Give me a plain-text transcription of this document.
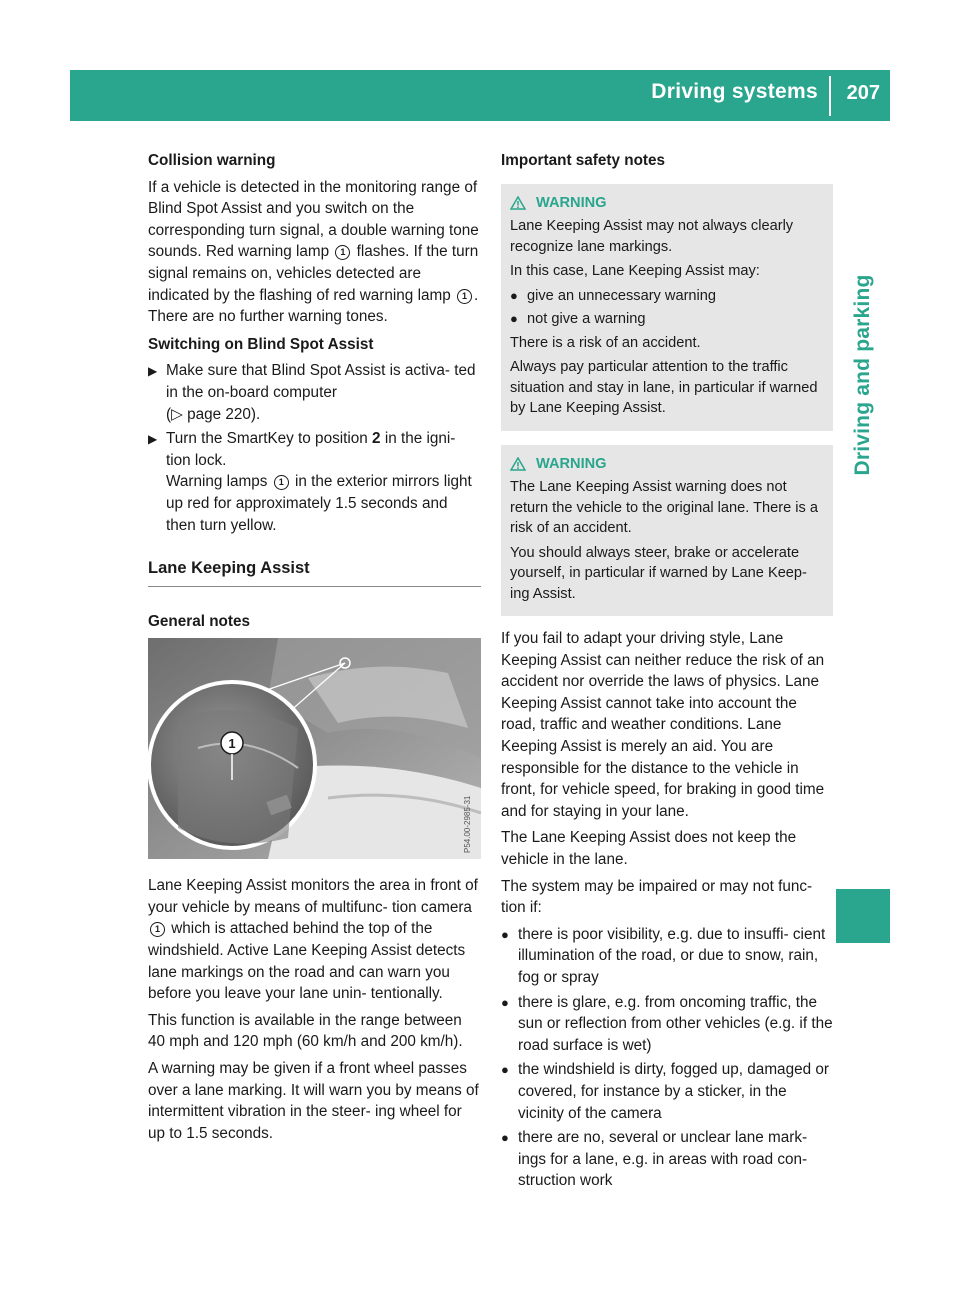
Driving systems 207
Driving and parking
Collision warning

If a vehicle is detected in the monitoring range of Blind Spot Assist and you switch on the corresponding turn signal, a double warning tone sounds. Red warning lamp 1 flashes. If the turn signal remains on, vehicles detected are indicated by the flashing of red warning lamp 1 . There are no further warning tones.

Switching on Blind Spot Assist
▶ Make sure that Blind Spot Assist is activa- ted in the on-board computer
(▷ page 220).
▶ Turn the SmartKey to position 2 in the igni- tion lock.
Warning lamps 1 in the exterior mirrors light up red for approximately 1.5 seconds and then turn yellow.
Lane Keeping Assist
General notes
1
P54.00-2985-31

Lane Keeping Assist monitors the area in front of your vehicle by means of multifunc- tion camera 1 which is attached behind the top of the windshield. Active Lane Keeping Assist detects lane markings on the road and can warn you before you leave your lane unin- tentionally.

This function is available in the range between 40 mph and 120 mph (60 km/h and 200 km/h).

A warning may be given if a front wheel passes over a lane marking. It will warn you by means of intermittent vibration in the steer- ing wheel for up to 1.5 seconds.

Important safety notes
WARNING

Lane Keeping Assist may not always clearly recognize lane markings.

In this case, Lane Keeping Assist may:

● give an unnecessary warning
● not give a warning

There is a risk of an accident.

Always pay particular attention to the traffic situation and stay in lane, in particular if warned by Lane Keeping Assist.

WARNING

The Lane Keeping Assist warning does not return the vehicle to the original lane. There is a risk of an accident.

You should always steer, brake or accelerate yourself, in particular if warned by Lane Keep- ing Assist.

If you fail to adapt your driving style, Lane Keeping Assist can neither reduce the risk of an accident nor override the laws of physics. Lane Keeping Assist cannot take into account the road, traffic and weather conditions. Lane Keeping Assist is merely an aid. You are responsible for the distance to the vehicle in front, for vehicle speed, for braking in good time and for staying in your lane.

The Lane Keeping Assist does not keep the vehicle in the lane.

The system may be impaired or may not func- tion if:

● there is poor visibility, e.g. due to insuffi- cient illumination of the road, or due to snow, rain, fog or spray
● there is glare, e.g. from oncoming traffic, the sun or reflection from other vehicles (e.g. if the road surface is wet)
● the windshield is dirty, fogged up, damaged or covered, for instance by a sticker, in the vicinity of the camera
● there are no, several or unclear lane mark- ings for a lane, e.g. in areas with road con- struction work
